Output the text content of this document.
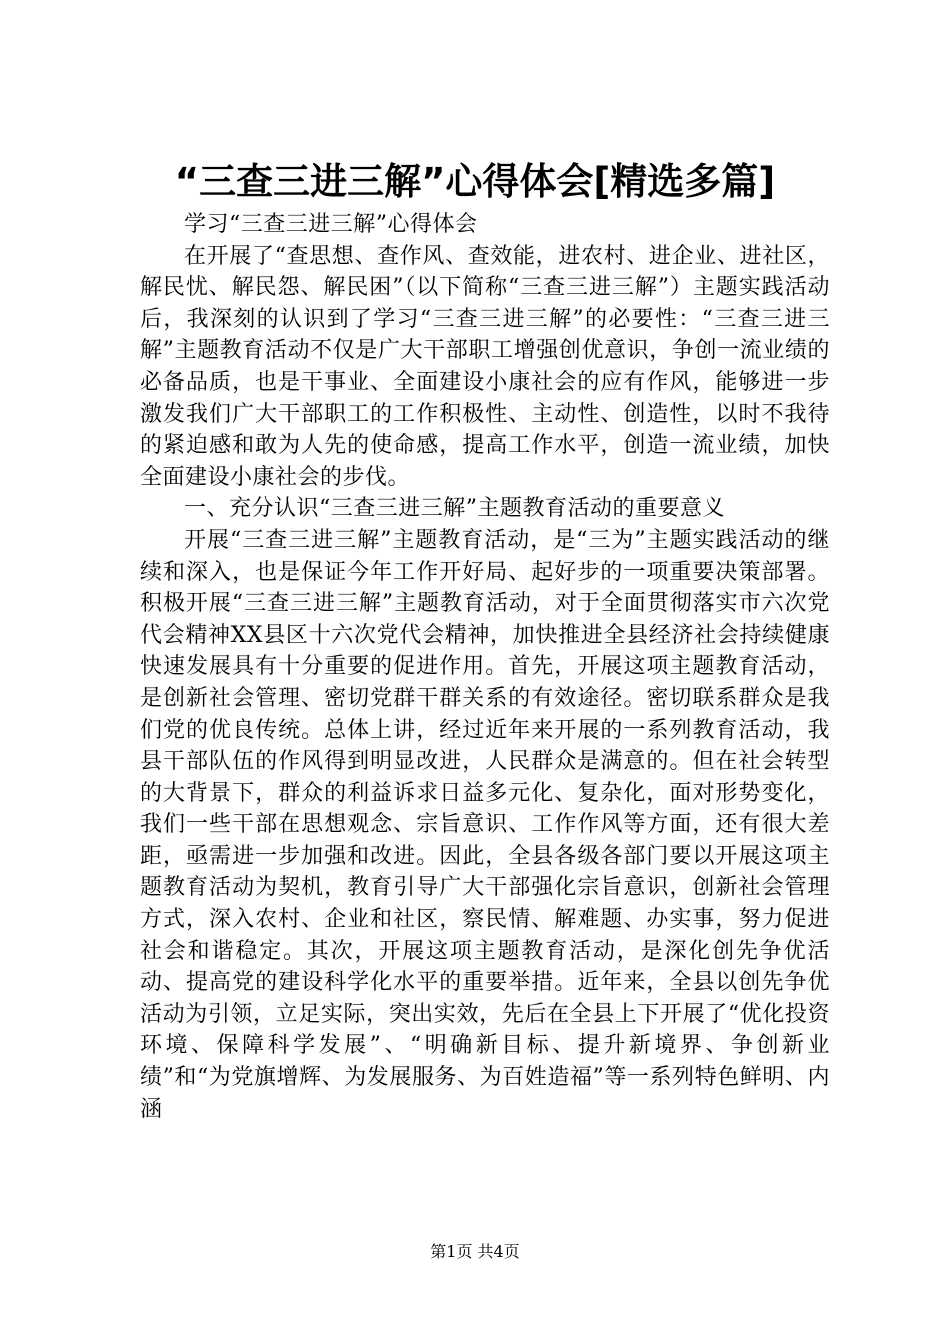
“三查三进三解”心得体会[精选多篇]

学习“三查三进三解”心得体会

在开展了“查思想、查作风、查效能，进农村、进企业、进社区，解民忧、解民怨、解民困”（以下简称“三查三进三解”）主题实践活动后，我深刻的认识到了学习“三查三进三解”的必要性：“三查三进三解”主题教育活动不仅是广大干部职工增强创优意识，争创一流业绩的必备品质，也是干事业、全面建设小康社会的应有作风，能够进一步激发我们广大干部职工的工作积极性、主动性、创造性，以时不我待的紧迫感和敢为人先的使命感，提高工作水平，创造一流业绩，加快全面建设小康社会的步伐。

一、充分认识“三查三进三解”主题教育活动的重要意义

开展“三查三进三解”主题教育活动，是“三为”主题实践活动的继续和深入，也是保证今年工作开好局、起好步的一项重要决策部署。积极开展“三查三进三解”主题教育活动，对于全面贯彻落实市六次党代会精神XX县区十六次党代会精神，加快推进全县经济社会持续健康快速发展具有十分重要的促进作用。首先，开展这项主题教育活动，是创新社会管理、密切党群干群关系的有效途径。密切联系群众是我们党的优良传统。总体上讲，经过近年来开展的一系列教育活动，我县干部队伍的作风得到明显改进，人民群众是满意的。但在社会转型的大背景下，群众的利益诉求日益多元化、复杂化，面对形势变化，我们一些干部在思想观念、宗旨意识、工作作风等方面，还有很大差距，亟需进一步加强和改进。因此，全县各级各部门要以开展这项主题教育活动为契机，教育引导广大干部强化宗旨意识，创新社会管理方式，深入农村、企业和社区，察民情、解难题、办实事，努力促进社会和谐稳定。其次，开展这项主题教育活动，是深化创先争优活动、提高党的建设科学化水平的重要举措。近年来，全县以创先争优活动为引领，立足实际，突出实效，先后在全县上下开展了“优化投资环境、保障科学发展”、“明确新目标、提升新境界、争创新业绩”和“为党旗增辉、为发展服务、为百姓造福”等一系列特色鲜明、内涵

第1页 共4页
